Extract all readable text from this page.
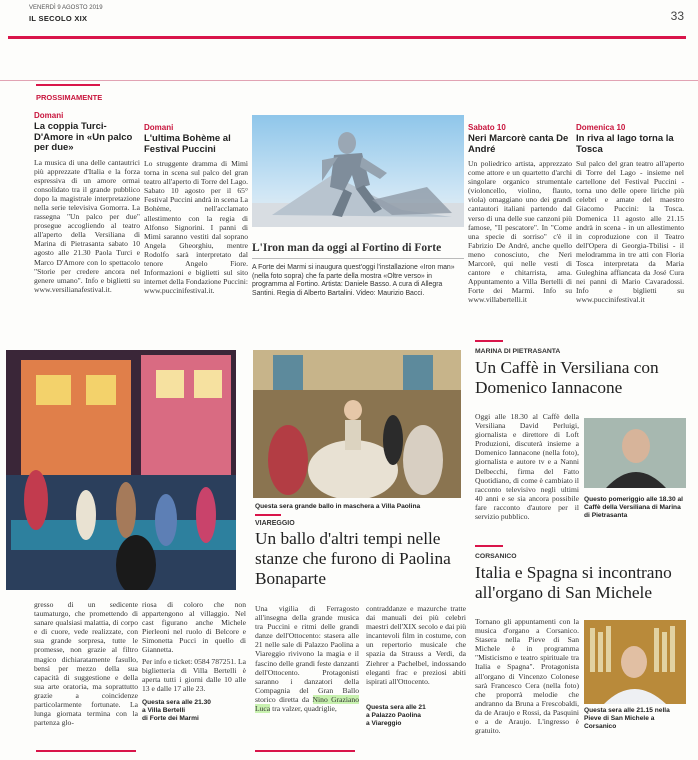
VENERDÌ 9 AGOSTO 2019
IL SECOLO XIX	33
PROSSIMAMENTE
Domani
La coppia Turci-D'Amore in «Un palco per due»
La musica di una delle cantautrici più apprezzate d'Italia e la forza espressiva di un amore ormai consolidato tra il grande pubblico dopo la magistrale interpretazione nella serie televisiva Gomorra. La rassegna "Un palco per due" prosegue accogliendo al teatro all'aperto della Versiliana di Marina di Pietrasanta sabato 10 agosto alle 21.30 Paola Turci e Marco D'Amore con lo spettacolo "Storie per credere ancora nel genere umano". Info e biglietti su www.versilianafestival.it.
Domani
L'ultima Bohème al Festival Puccini
Lo struggente dramma di Mimì torna in scena sul palco del gran teatro all'aperto di Torre del Lago. Sabato 10 agosto per il 65° Festival Puccini andrà in scena La Bohème, nell'acclamato allestimento con la regia di Alfonso Signorini. I panni di Mimì saranno vestiti dal soprano Angela Gheorghiu, mentre Rodolfo sarà interpretato dal tenore Angelo Fiore. Informazioni e biglietti sul sito internet della Fondazione Puccini: www.puccinifestival.it.
L'Iron man da oggi al Fortino di Forte
A Forte dei Marmi si inaugura quest'oggi l'installazione «Iron man» (nella foto sopra) che fa parte della mostra «Oltre verso» in programma al Fortino. Artista: Daniele Basso. A cura di Allegra Santini. Regia di Alberto Bartalini. Video: Maurizio Bacci.
Sabato 10
Neri Marcorè canta De André
Un poliedrico artista, apprezzato come attore e un quartetto d'archi singolare organico strumentale (violoncello, violino, flauto, viola) omaggiano uno dei grandi cantautori italiani partendo dal verso di una delle sue canzoni più famose, "Il pescatore". In "Come una specie di sorriso" c'è il Fabrizio De André, anche quello meno conosciuto, che Neri Marcorè, qui nelle vesti di cantore e chitarrista, ama. Appuntamento a Villa Bertelli di Forte dei Marmi. Info su www.villabertelli.it
Domenica 10
In riva al lago torna la Tosca
Sul palco del gran teatro all'aperto di Torre del Lago - insieme nel cartellone del Festival Puccini - torna uno delle opere liriche più celebri e amate del maestro Giacomo Puccini: la Tosca. Domenica 11 agosto alle 21.15 andrà in scena - in un allestimento in coproduzione con il Teatro dell'Opera di Georgia-Tbilisi - il melodramma in tre atti con Floria Tosca interpretata da Maria Guleghina affiancata da José Cura nei panni di Mario Cavaradossi. Info e biglietti su www.puccinifestival.it
Questa sera grande ballo in maschera a Villa Paolina
VIAREGGIO
Un ballo d'altri tempi nelle stanze che furono di Paolina Bonaparte
Una vigilia di Ferragosto all'insegna della grande musica tra Puccini e ritmi delle grandi danze dell'Ottocento: stasera alle 21 nelle sale di Palazzo Paolina a Viareggio rivivono la magia e il fascino delle grandi feste danzanti dell'Ottocento. Protagonisti saranno i danzatori della Compagnia del Gran Ballo storico diretta da Nino Graziano Luca tra valzer, quadriglie,
contraddanze e mazurche tratte dai manuali dei più celebri maestri dell'XIX secolo e dai più incantevoli film in costume, con un repertorio musicale che spazia da Strauss a Verdi, da Ziehrer a Pachelbel, indossando eleganti frac e preziosi abiti ispirati all'Ottocento.
Questa sera alle 21
a Palazzo Paolina
a Viareggio
gresso di un sedicente taumaturgo, che promettendo di sanare qualsiasi malattia, di corpo e di cuore, vede realizzate, con sua grande sorpresa, tutte le promesse, non grazie al filtro magico dichiaratamente fasullo, bensì per mezzo della sua capacità di suggestione e della sua arte oratoria, ma soprattutto grazie a coincidenze particolarmente fortunate. La lunga giornata termina con la partenza glo-
riosa di coloro che non appartengono al villaggio. Nel cast figurano anche Michele Pierleoni nel ruolo di Belcore e Simonetta Pucci in quello di Giannetta.
Per info e ticket: 0584 787251. La biglietteria di Villa Bertelli è aperta tutti i giorni dalle 10 alle 13 e dalle 17 alle 23.
Questa sera alle 21.30
a Villa Bertelli
di Forte dei Marmi
MARINA DI PIETRASANTA
Un Caffè in Versiliana con Domenico Iannacone
Oggi alle 18.30 al Caffè della Versiliana David Perluigi, giornalista e direttore di Loft Produzioni, discuterà insieme a Domenico Iannacone (nella foto), giornalista e autore tv e a Nanni Delbecchi, firma del Fatto Quotidiano, di come è cambiato il racconto televisivo negli ultimi 40 anni e se sia ancora possibile fare racconto d'autore per il servizio pubblico.
Questo pomeriggio alle 18.30 al Caffè della Versiliana di Marina di Pietrasanta
CORSANICO
Italia e Spagna si incontrano all'organo di San Michele
Tornano gli appuntamenti con la musica d'organo a Corsanico. Stasera nella Pieve di San Michele è in programma "Misticismo e teatro spirituale tra Italia e Spagna". Protagonista all'organo di Vincenzo Colonese sarà Francesco Cera (nella foto) che proporrà melodie che andranno da Bruna a Frescobaldi, da de Araujo e Rossi, da Pasquini e a de Araujo. L'ingresso è gratuito.
Questa sera alle 21.15 nella Pieve di San Michele a Corsanico
